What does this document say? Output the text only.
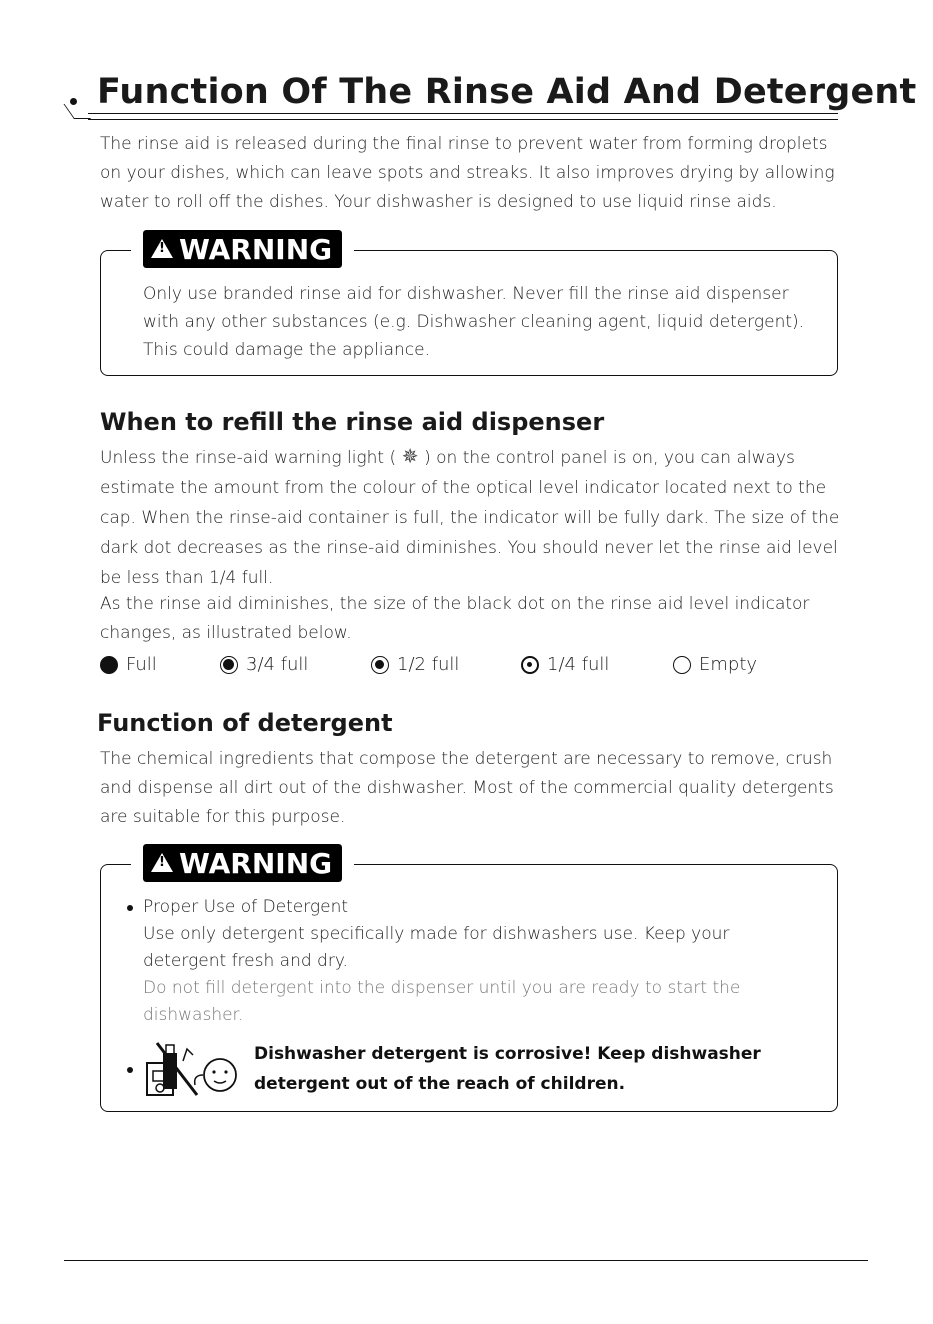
Function Of The Rinse Aid And Detergent

The rinse aid is released during the final rinse to prevent water from forming droplets on your dishes, which can leave spots and streaks. It also improves drying by allowing water to roll off the dishes. Your dishwasher is designed to use liquid rinse aids.

!
WARNING

Only use branded rinse aid for dishwasher. Never fill the rinse aid dispenser with any other substances (e.g. Dishwasher cleaning agent, liquid detergent). This could damage the appliance.

When to refill the rinse aid dispenser

Unless the rinse-aid warning light ( ✵ ) on the control panel is on, you can always estimate the amount from the colour of the optical level indicator located next to the cap. When the rinse-aid container is full, the indicator will be fully dark. The size of the dark dot decreases as the rinse-aid diminishes. You should never let the rinse aid level be less than 1/4 full.

As the rinse aid diminishes, the size of the black dot on the rinse aid level indicator changes, as illustrated below.

Full	3/4 full	1/2 full	1/4 full	Empty
Function of detergent

The chemical ingredients that compose the detergent are necessary to remove, crush and dispense all dirt out of the dishwasher. Most of the commercial quality detergents are suitable for this purpose.

!
WARNING

Proper Use of Detergent
Use only detergent specifically made for dishwashers use. Keep your detergent fresh and dry.
Do not fill detergent into the dispenser until you are ready to start the dishwasher.

Dishwasher detergent is corrosive! Keep dishwasher detergent out of the reach of children.
